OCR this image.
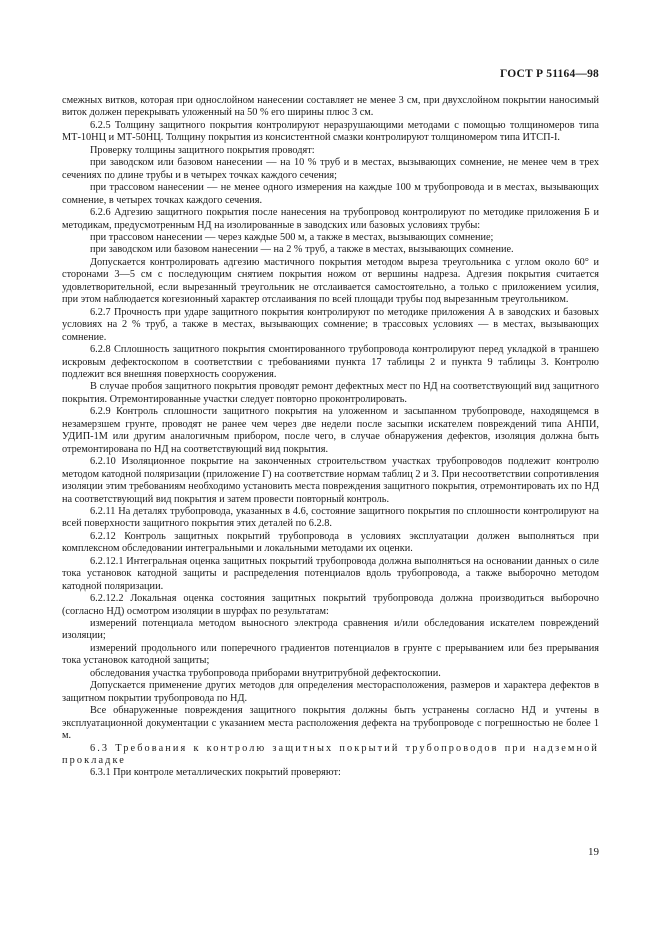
ГОСТ Р 51164—98

смежных витков, которая при однослойном нанесении составляет не менее 3 см, при двухслойном покрытии наносимый виток должен перекрывать уложенный на 50 % его ширины плюс 3 см.

6.2.5 Толщину защитного покрытия контролируют неразрушающими методами с помощью толщиномеров типа МТ-10НЦ и МТ-50НЦ. Толщину покрытия из консистентной смазки контролируют толщиномером типа ИТСП-I.

Проверку толщины защитного покрытия проводят:

при заводском или базовом нанесении — на 10 % труб и в местах, вызывающих сомнение, не менее чем в трех сечениях по длине трубы и в четырех точках каждого сечения;

при трассовом нанесении — не менее одного измерения на каждые 100 м трубопровода и в местах, вызывающих сомнение, в четырех точках каждого сечения.

6.2.6 Адгезию защитного покрытия после нанесения на трубопровод контролируют по методике приложения Б и методикам, предусмотренным НД на изолированные в заводских или базовых условиях трубы:

при трассовом нанесении — через каждые 500 м, а также в местах, вызывающих сомнение;

при заводском или базовом нанесении — на 2 % труб, а также в местах, вызывающих сомнение.

Допускается контролировать адгезию мастичного покрытия методом выреза треугольника с углом около 60° и сторонами 3—5 см с последующим снятием покрытия ножом от вершины надреза. Адгезия покрытия считается удовлетворительной, если вырезанный треугольник не отслаивается самостоятельно, а только с приложением усилия, при этом наблюдается когезионный характер отслаивания по всей площади трубы под вырезанным треугольником.

6.2.7 Прочность при ударе защитного покрытия контролируют по методике приложения А в заводских и базовых условиях на 2 % труб, а также в местах, вызывающих сомнение; в трассовых условиях — в местах, вызывающих сомнение.

6.2.8 Сплошность защитного покрытия смонтированного трубопровода контролируют перед укладкой в траншею искровым дефектоскопом в соответствии с требованиями пункта 17 таблицы 2 и пункта 9 таблицы 3. Контролю подлежит вся внешняя поверхность сооружения.

В случае пробоя защитного покрытия проводят ремонт дефектных мест по НД на соответствующий вид защитного покрытия. Отремонтированные участки следует повторно проконтролировать.

6.2.9 Контроль сплошности защитного покрытия на уложенном и засыпанном трубопроводе, находящемся в незамерзшем грунте, проводят не ранее чем через две недели после засыпки искателем повреждений типа АНПИ, УДИП-1М или другим аналогичным прибором, после чего, в случае обнаружения дефектов, изоляция должна быть отремонтирована по НД на соответствующий вид покрытия.

6.2.10 Изоляционное покрытие на законченных строительством участках трубопроводов подлежит контролю методом катодной поляризации (приложение Г) на соответствие нормам таблиц 2 и 3. При несоответствии сопротивления изоляции этим требованиям необходимо установить места повреждения защитного покрытия, отремонтировать их по НД на соответствующий вид покрытия и затем провести повторный контроль.

6.2.11 На деталях трубопровода, указанных в 4.6, состояние защитного покрытия по сплошности контролируют на всей поверхности защитного покрытия этих деталей по 6.2.8.

6.2.12 Контроль защитных покрытий трубопровода в условиях эксплуатации должен выполняться при комплексном обследовании интегральными и локальными методами их оценки.

6.2.12.1 Интегральная оценка защитных покрытий трубопровода должна выполняться на основании данных о силе тока установок катодной защиты и распределения потенциалов вдоль трубопровода, а также выборочно методом катодной поляризации.

6.2.12.2 Локальная оценка состояния защитных покрытий трубопровода должна производиться выборочно (согласно НД) осмотром изоляции в шурфах по результатам:

измерений потенциала методом выносного электрода сравнения и/или обследования искателем повреждений изоляции;

измерений продольного или поперечного градиентов потенциалов в грунте с прерыванием или без прерывания тока установок катодной защиты;

обследования участка трубопровода приборами внутритрубной дефектоскопии.

Допускается применение других методов для определения месторасположения, размеров и характера дефектов в защитном покрытии трубопровода по НД.

Все обнаруженные повреждения защитного покрытия должны быть устранены согласно НД и учтены в эксплуатационной документации с указанием места расположения дефекта на трубопроводе с погрешностью не более 1 м.

6.3 Требования к контролю защитных покрытий трубопроводов при надземной прокладке

6.3.1 При контроле металлических покрытий проверяют:

19
